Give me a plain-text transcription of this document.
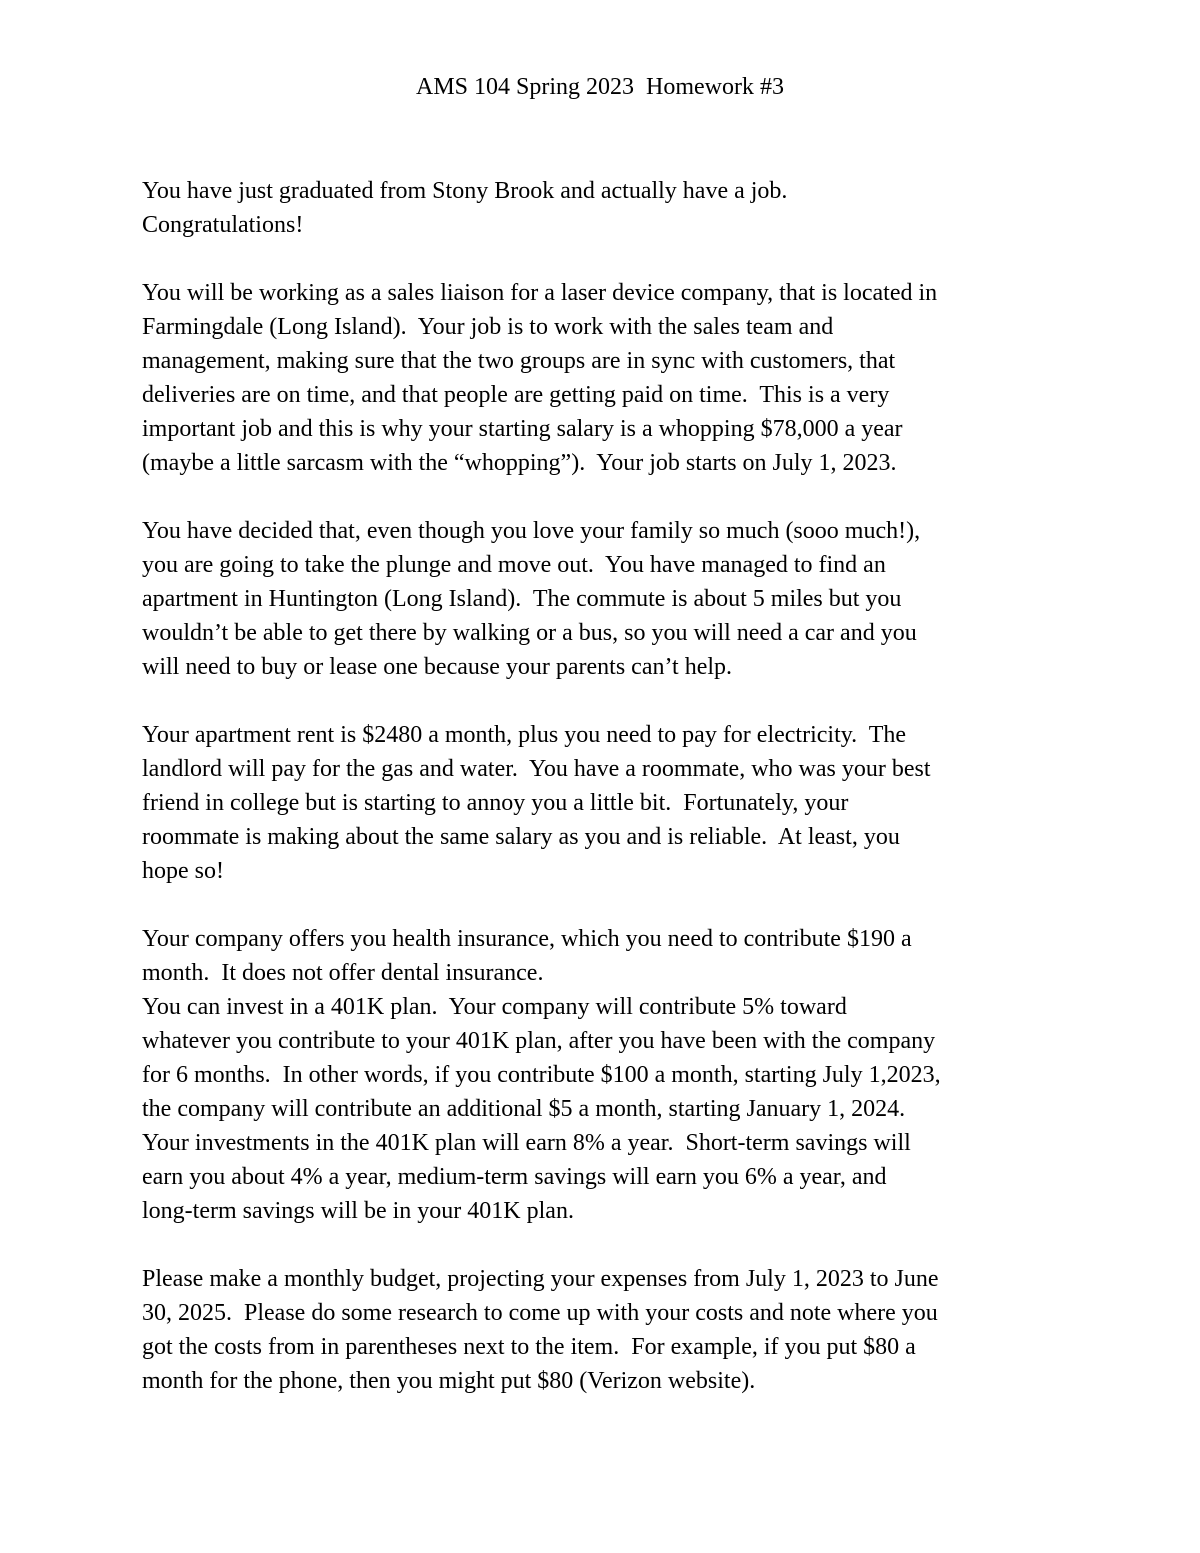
AMS 104 Spring 2023  Homework #3

You have just graduated from Stony Brook and actually have a job.
Congratulations!

You will be working as a sales liaison for a laser device company, that is located in
Farmingdale (Long Island).  Your job is to work with the sales team and
management, making sure that the two groups are in sync with customers, that
deliveries are on time, and that people are getting paid on time.  This is a very
important job and this is why your starting salary is a whopping $78,000 a year
(maybe a little sarcasm with the “whopping”).  Your job starts on July 1, 2023.

You have decided that, even though you love your family so much (sooo much!),
you are going to take the plunge and move out.  You have managed to find an
apartment in Huntington (Long Island).  The commute is about 5 miles but you
wouldn’t be able to get there by walking or a bus, so you will need a car and you
will need to buy or lease one because your parents can’t help.

Your apartment rent is $2480 a month, plus you need to pay for electricity.  The
landlord will pay for the gas and water.  You have a roommate, who was your best
friend in college but is starting to annoy you a little bit.  Fortunately, your
roommate is making about the same salary as you and is reliable.  At least, you
hope so!

Your company offers you health insurance, which you need to contribute $190 a
month.  It does not offer dental insurance.

You can invest in a 401K plan.  Your company will contribute 5% toward
whatever you contribute to your 401K plan, after you have been with the company
for 6 months.  In other words, if you contribute $100 a month, starting July 1,2023,
the company will contribute an additional $5 a month, starting January 1, 2024.
Your investments in the 401K plan will earn 8% a year.  Short-term savings will
earn you about 4% a year, medium-term savings will earn you 6% a year, and
long-term savings will be in your 401K plan.

Please make a monthly budget, projecting your expenses from July 1, 2023 to June
30, 2025.  Please do some research to come up with your costs and note where you
got the costs from in parentheses next to the item.  For example, if you put $80 a
month for the phone, then you might put $80 (Verizon website).
